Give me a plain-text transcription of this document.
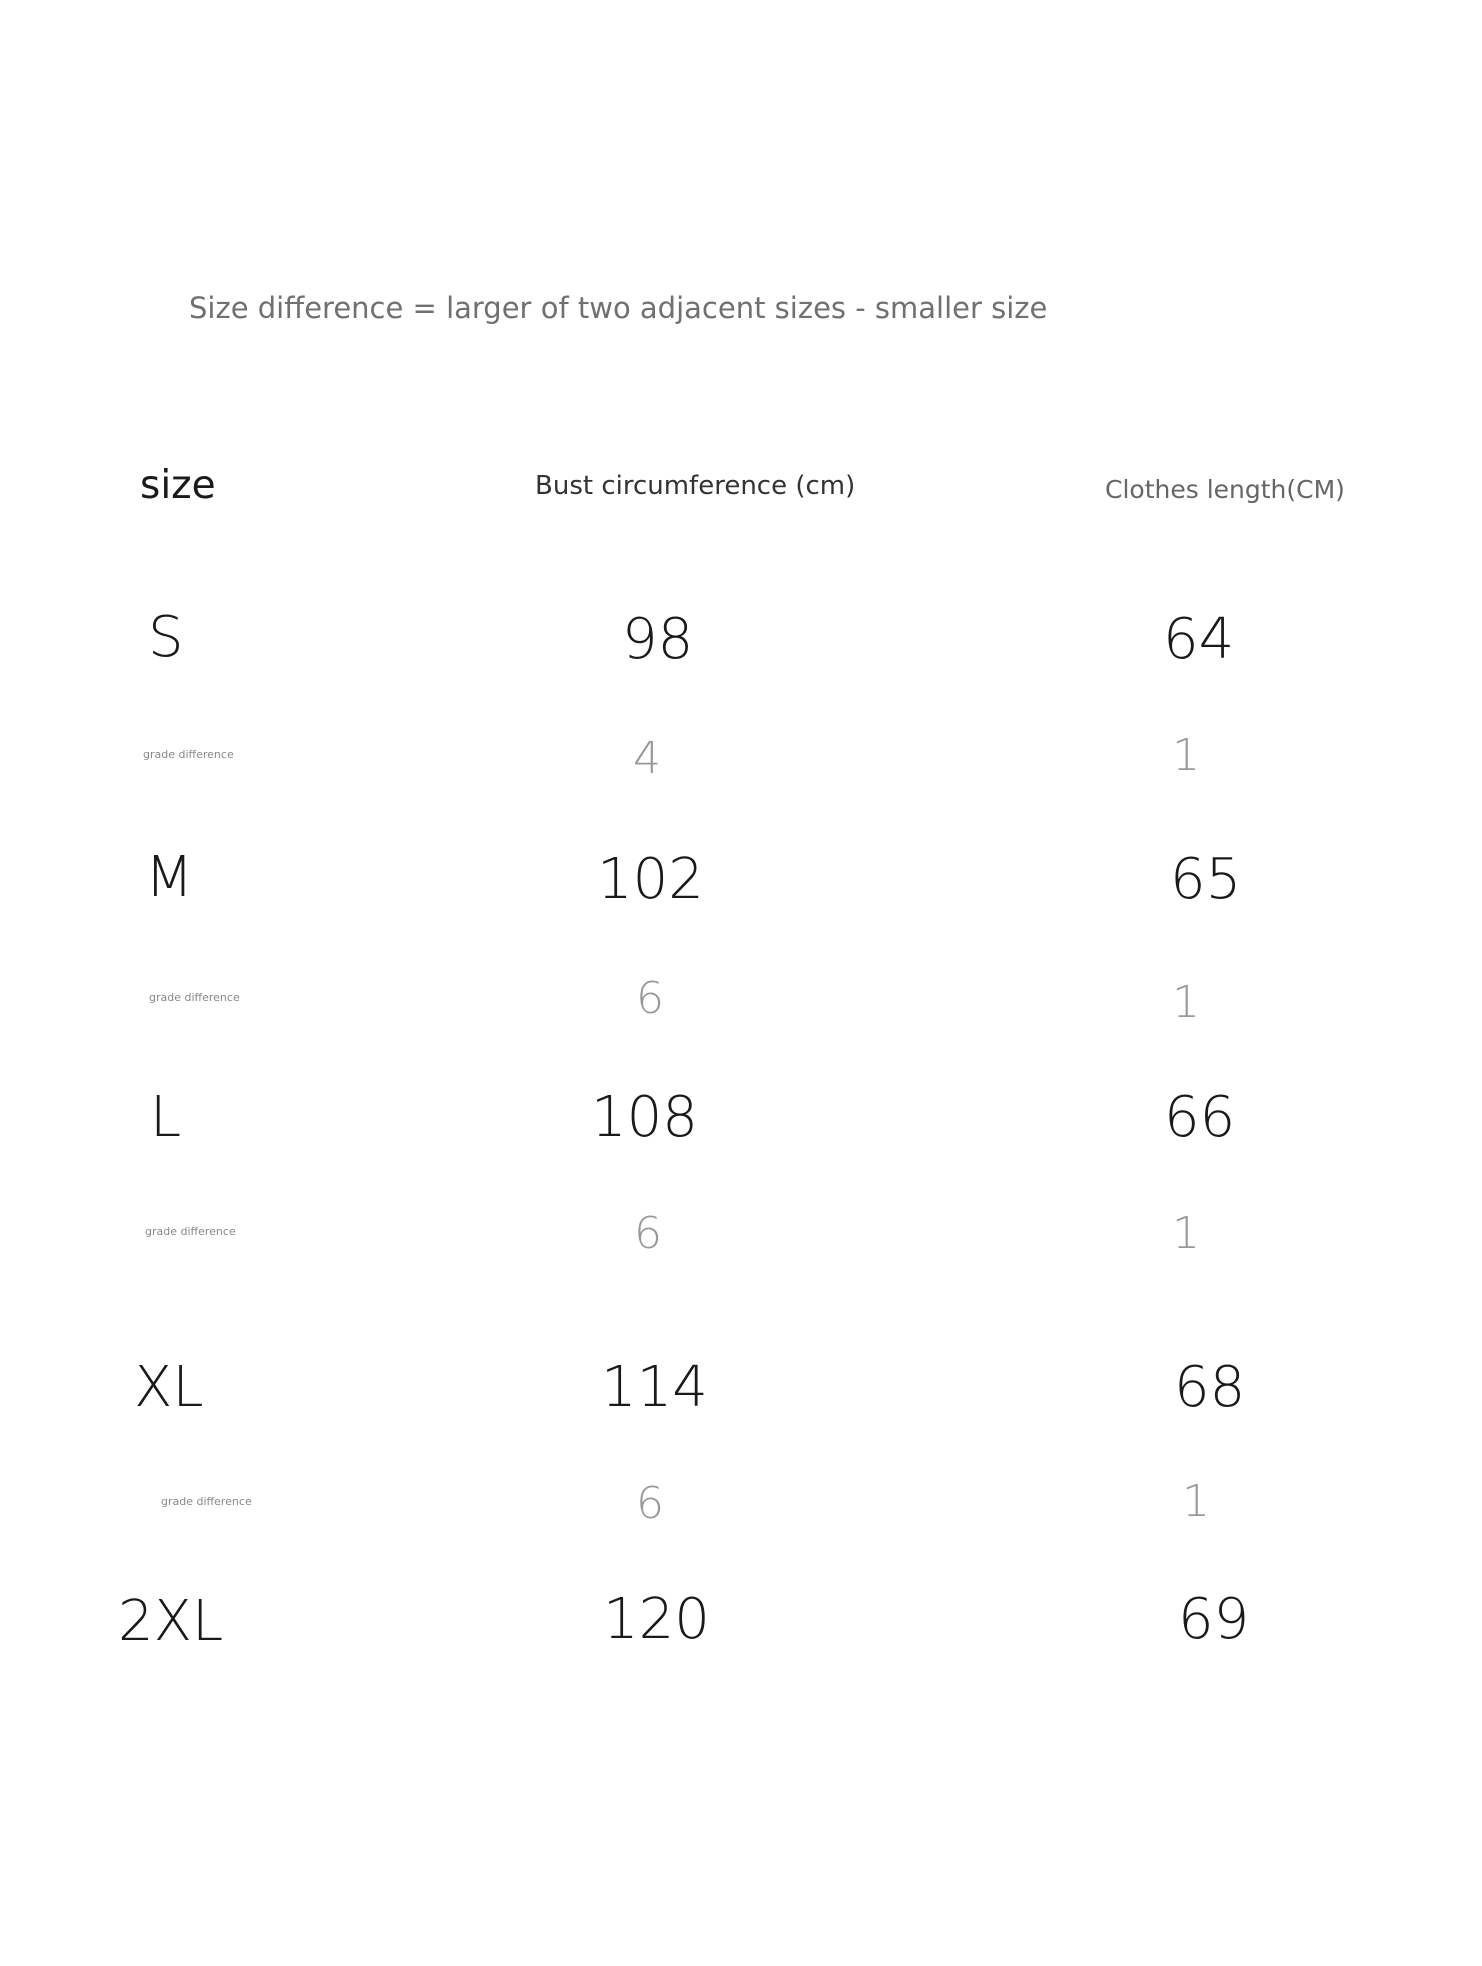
Size difference = larger of two adjacent sizes - smaller size
size	Bust circumference (cm)	Clothes length(CM)
S	98	64
grade difference	4	1
M	102	65
grade difference	6	1
L	108	66
grade difference	6	1
XL	114	68
grade difference	6	1
2XL	120	69
